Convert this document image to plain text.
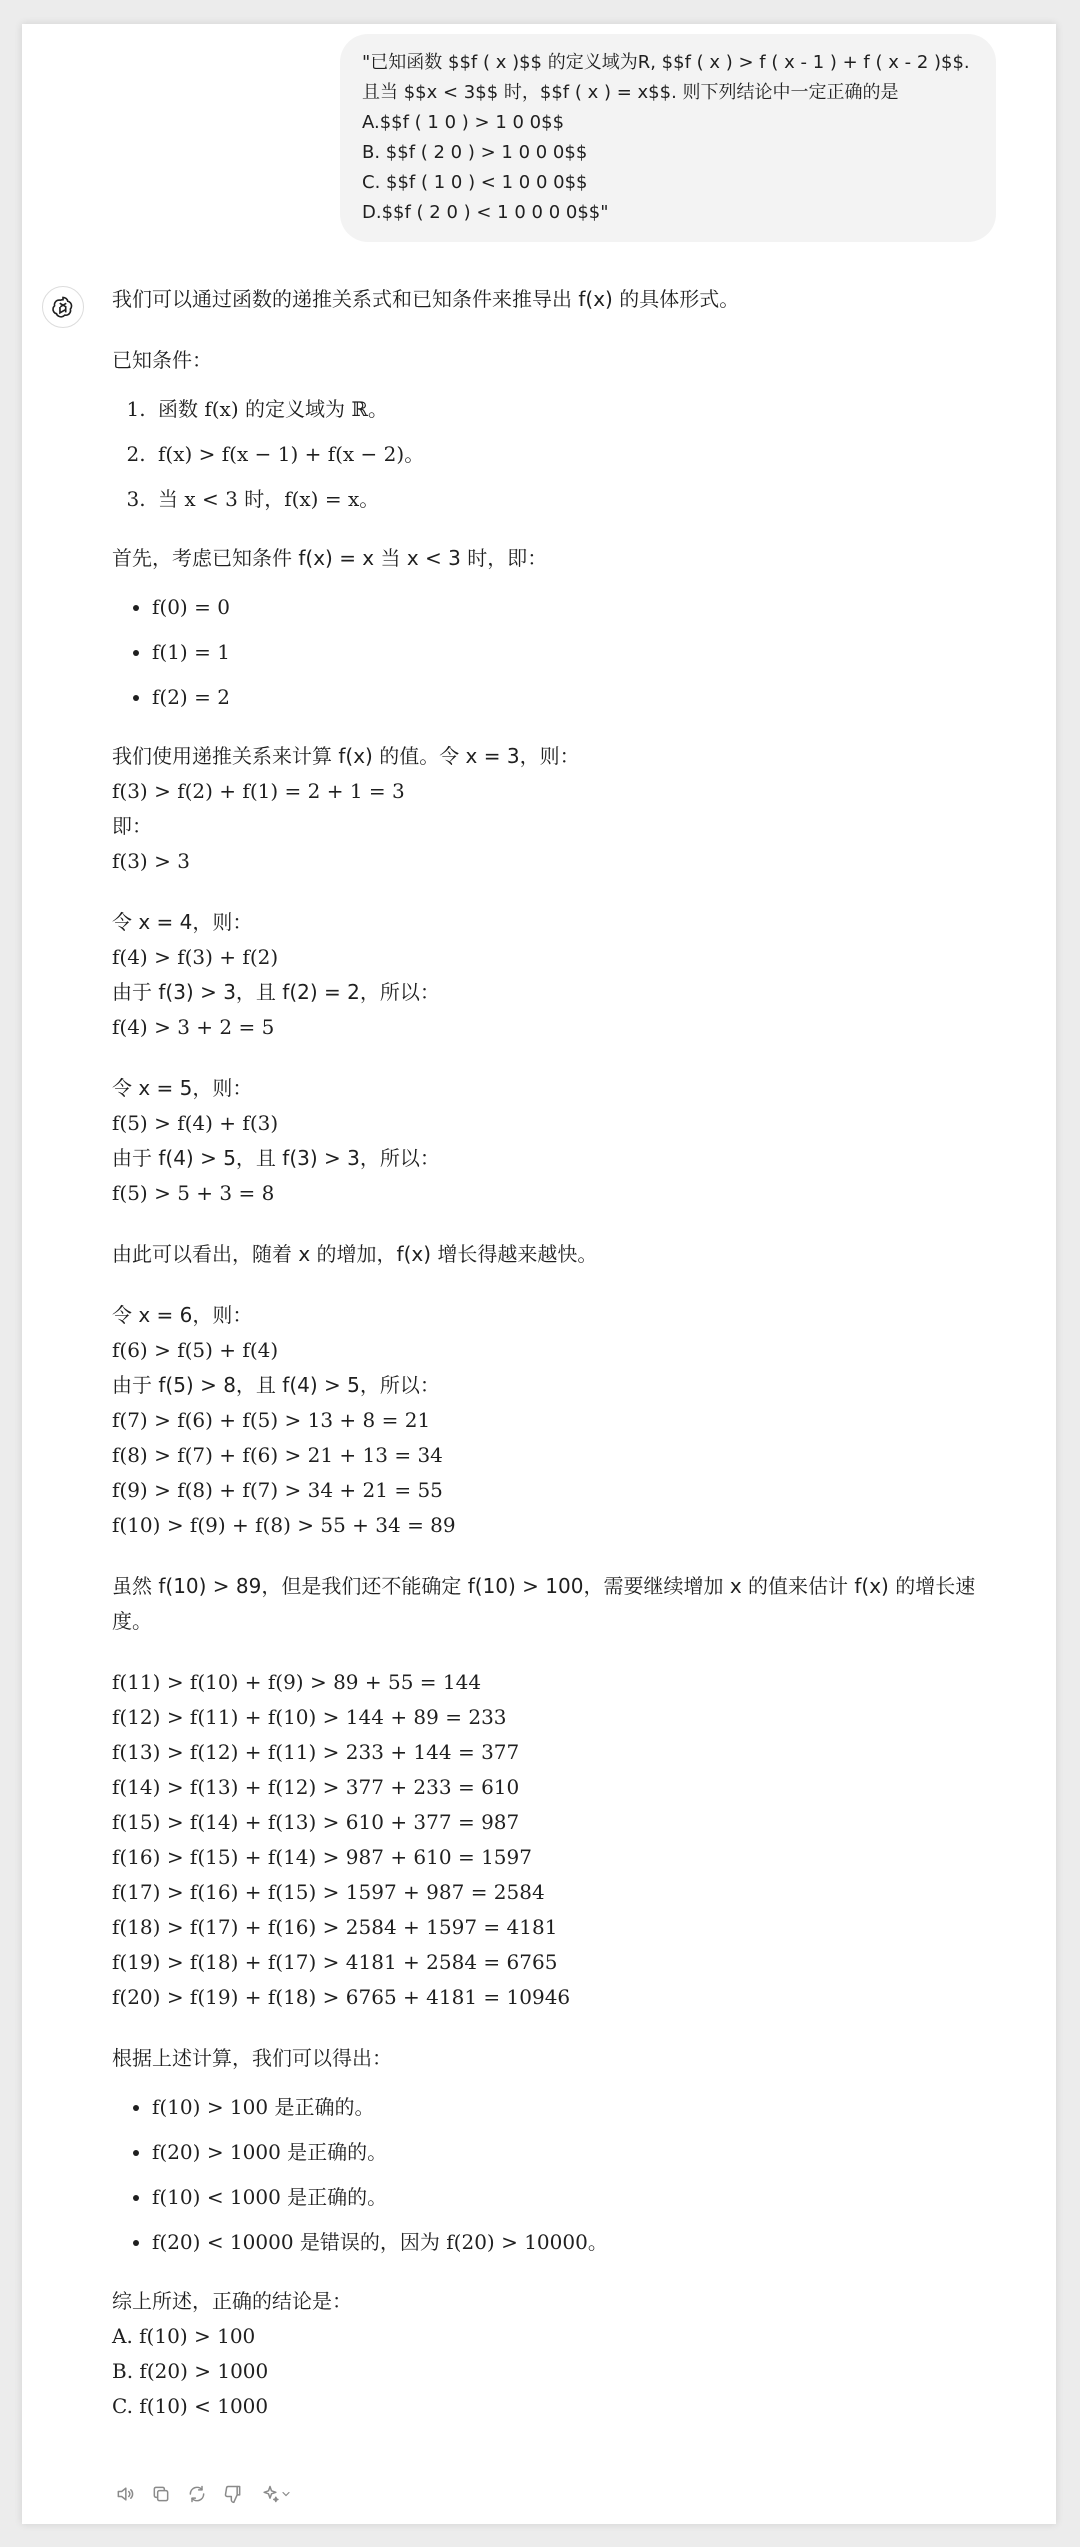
"已知函数 $$f ( x )$$ 的定义域为R, $$f ( x ) > f ( x - 1 ) + f ( x - 2 )$$.
且当 $$x < 3$$ 时，$$f ( x ) = x$$. 则下列结论中一定正确的是
A.$$f ( 1 0 ) > 1 0 0$$
B. $$f ( 2 0 ) > 1 0 0 0$$
C. $$f ( 1 0 ) < 1 0 0 0$$
D.$$f ( 2 0 ) < 1 0 0 0 0$$"

我们可以通过函数的递推关系式和已知条件来推导出 f(x) 的具体形式。

已知条件：

1. 函数 f(x) 的定义域为 ℝ。
2. f(x) > f(x − 1) + f(x − 2)。
3. 当 x < 3 时，f(x) = x。

首先，考虑已知条件 f(x) = x 当 x < 3 时，即：

• f(0) = 0
• f(1) = 1
• f(2) = 2

我们使用递推关系来计算 f(x) 的值。令 x = 3，则：

f(3) > f(2) + f(1) = 2 + 1 = 3

即：

f(3) > 3

令 x = 4，则：

f(4) > f(3) + f(2)

由于 f(3) > 3，且 f(2) = 2，所以：

f(4) > 3 + 2 = 5

令 x = 5，则：

f(5) > f(4) + f(3)

由于 f(4) > 5，且 f(3) > 3，所以：

f(5) > 5 + 3 = 8

由此可以看出，随着 x 的增加，f(x) 增长得越来越快。

令 x = 6，则：

f(6) > f(5) + f(4)

由于 f(5) > 8，且 f(4) > 5，所以：

f(7) > f(6) + f(5) > 13 + 8 = 21

f(8) > f(7) + f(6) > 21 + 13 = 34

f(9) > f(8) + f(7) > 34 + 21 = 55

f(10) > f(9) + f(8) > 55 + 34 = 89

虽然 f(10) > 89，但是我们还不能确定 f(10) > 100，需要继续增加 x 的值来估计 f(x) 的增长速度。

f(11) > f(10) + f(9) > 89 + 55 = 144

f(12) > f(11) + f(10) > 144 + 89 = 233

f(13) > f(12) + f(11) > 233 + 144 = 377

f(14) > f(13) + f(12) > 377 + 233 = 610

f(15) > f(14) + f(13) > 610 + 377 = 987

f(16) > f(15) + f(14) > 987 + 610 = 1597

f(17) > f(16) + f(15) > 1597 + 987 = 2584

f(18) > f(17) + f(16) > 2584 + 1597 = 4181

f(19) > f(18) + f(17) > 4181 + 2584 = 6765

f(20) > f(19) + f(18) > 6765 + 4181 = 10946

根据上述计算，我们可以得出：

• f(10) > 100 是正确的。
• f(20) > 1000 是正确的。
• f(10) < 1000 是正确的。
• f(20) < 10000 是错误的，因为 f(20) > 10000。

综上所述，正确的结论是：

A. f(10) > 100

B. f(20) > 1000

C. f(10) < 1000
